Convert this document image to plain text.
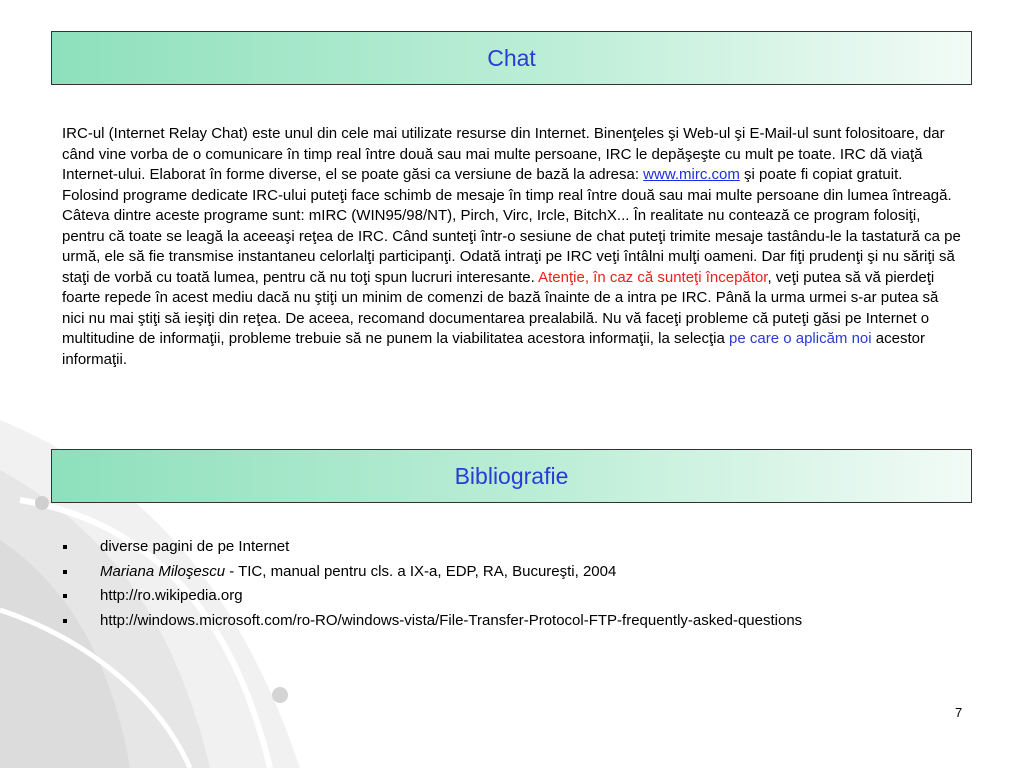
Chat
IRC-ul (Internet Relay Chat) este unul din cele mai utilizate resurse din Internet. Binenţeles şi Web-ul şi E-Mail-ul sunt folositoare, dar când vine vorba de o comunicare în timp real între două sau mai multe persoane, IRC le depăşeşte cu mult pe toate. IRC dă viaţă Internet-ului. Elaborat în forme diverse, el se poate găsi ca versiune de bază la adresa: www.mirc.com şi poate fi copiat gratuit. Folosind programe dedicate IRC-ului puteţi face schimb de mesaje în timp real între două sau mai multe persoane din lumea întreagă. Câteva dintre aceste programe sunt: mIRC (WIN95/98/NT), Pirch, Virc, Ircle, BitchX... În realitate nu contează ce program folosiţi, pentru că toate se leagă la aceeaşi reţea de IRC. Când sunteţi într-o sesiune de chat puteţi trimite mesaje tastându-le la tastatură ca pe urmă, ele să fie transmise instantaneu celorlalţi participanţi. Odată intraţi pe IRC veţi întâlni mulţi oameni. Dar fiţi prudenţi şi nu săriţi să staţi de vorbă cu toată lumea, pentru că nu toţi spun lucruri interesante. Atenţie, în caz că sunteţi începător, veţi putea să vă pierdeţi foarte repede în acest mediu dacă nu ştiţi un minim de comenzi de bază înainte de a intra pe IRC. Până la urma urmei s-ar putea să nici nu mai ştiţi să ieşiţi din reţea. De aceea, recomand documentarea prealabilă. Nu vă faceţi probleme că puteţi găsi pe Internet o multitudine de informaţii, probleme trebuie să ne punem la viabilitatea acestora informaţii, la selecţia pe care o aplicăm noi acestor informaţii.
Bibliografie
diverse pagini de pe Internet
Mariana Miloşescu - TIC, manual pentru cls. a IX-a, EDP, RA, Bucureşti, 2004
http://ro.wikipedia.org
http://windows.microsoft.com/ro-RO/windows-vista/File-Transfer-Protocol-FTP-frequently-asked-questions
7
